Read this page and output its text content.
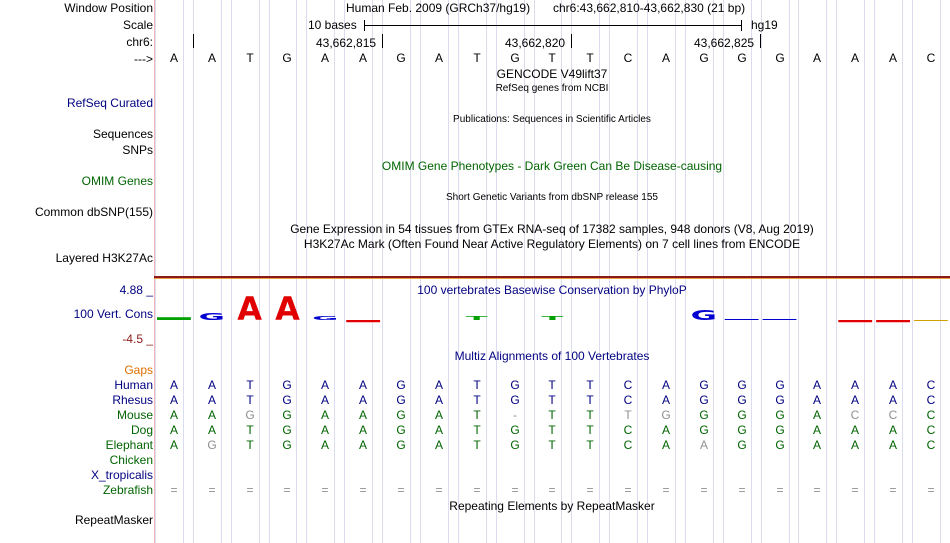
Window Position
Scale
chr6:
--->
Human Feb. 2009 (GRCh37/hg19) chr6:43,662,810-43,662,830 (21 bp)
10 bases	hg19
43,662,815	43,662,820	43,662,825
A	A	T	G	A	A	G	A	T	G	T	T	C	A	G	G	G	A	A	A	C
GENCODE V49lift37
RefSeq genes from NCBI
RefSeq Curated
Sequences
Publications: Sequences in Scientific Articles
SNPs
OMIM Gene Phenotypes - Dark Green Can Be Disease-causing
OMIM Genes
Short Genetic Variants from dbSNP release 155
Common dbSNP(155)
Gene Expression in 54 tissues from GTEx RNA-seq of 17382 samples, 948 donors (V8, Aug 2019)
H3K27Ac Mark (Often Found Near Active Regulatory Elements) on 7 cell lines from ENCODE
Layered H3K27Ac
4.88 _	100 vertebrates Basewise Conservation by PhyloP
100 Vert. Cons
-4.5 _
G A A G	T	T	G
Multiz Alignments of 100 Vertebrates
Gaps
Human	A	A	T	G	A	A	G	A	T	G	T	T	C	A	G	G	G	A	A	A	C
Rhesus	A	A	T	G	A	A	G	A	T	G	T	T	C	A	G	G	G	A	A	A	C
Mouse	A	A	G	G	A	A	G	A	T	-	T	T	T	G	G	G	G	A	C	C	C
Dog	A	A	T	G	A	A	G	A	T	G	T	T	C	A	G	G	G	A	A	A	C
Elephant	A	G	T	G	A	A	G	A	T	G	T	T	C	A	A	G	G	A	A	A	C
Chicken
X_tropicalis
Zebrafish	=	=	=	=	=	=	=	=	=	=	=	=	=	=	=	=	=	=	=	=	=
Repeating Elements by RepeatMasker
RepeatMasker
